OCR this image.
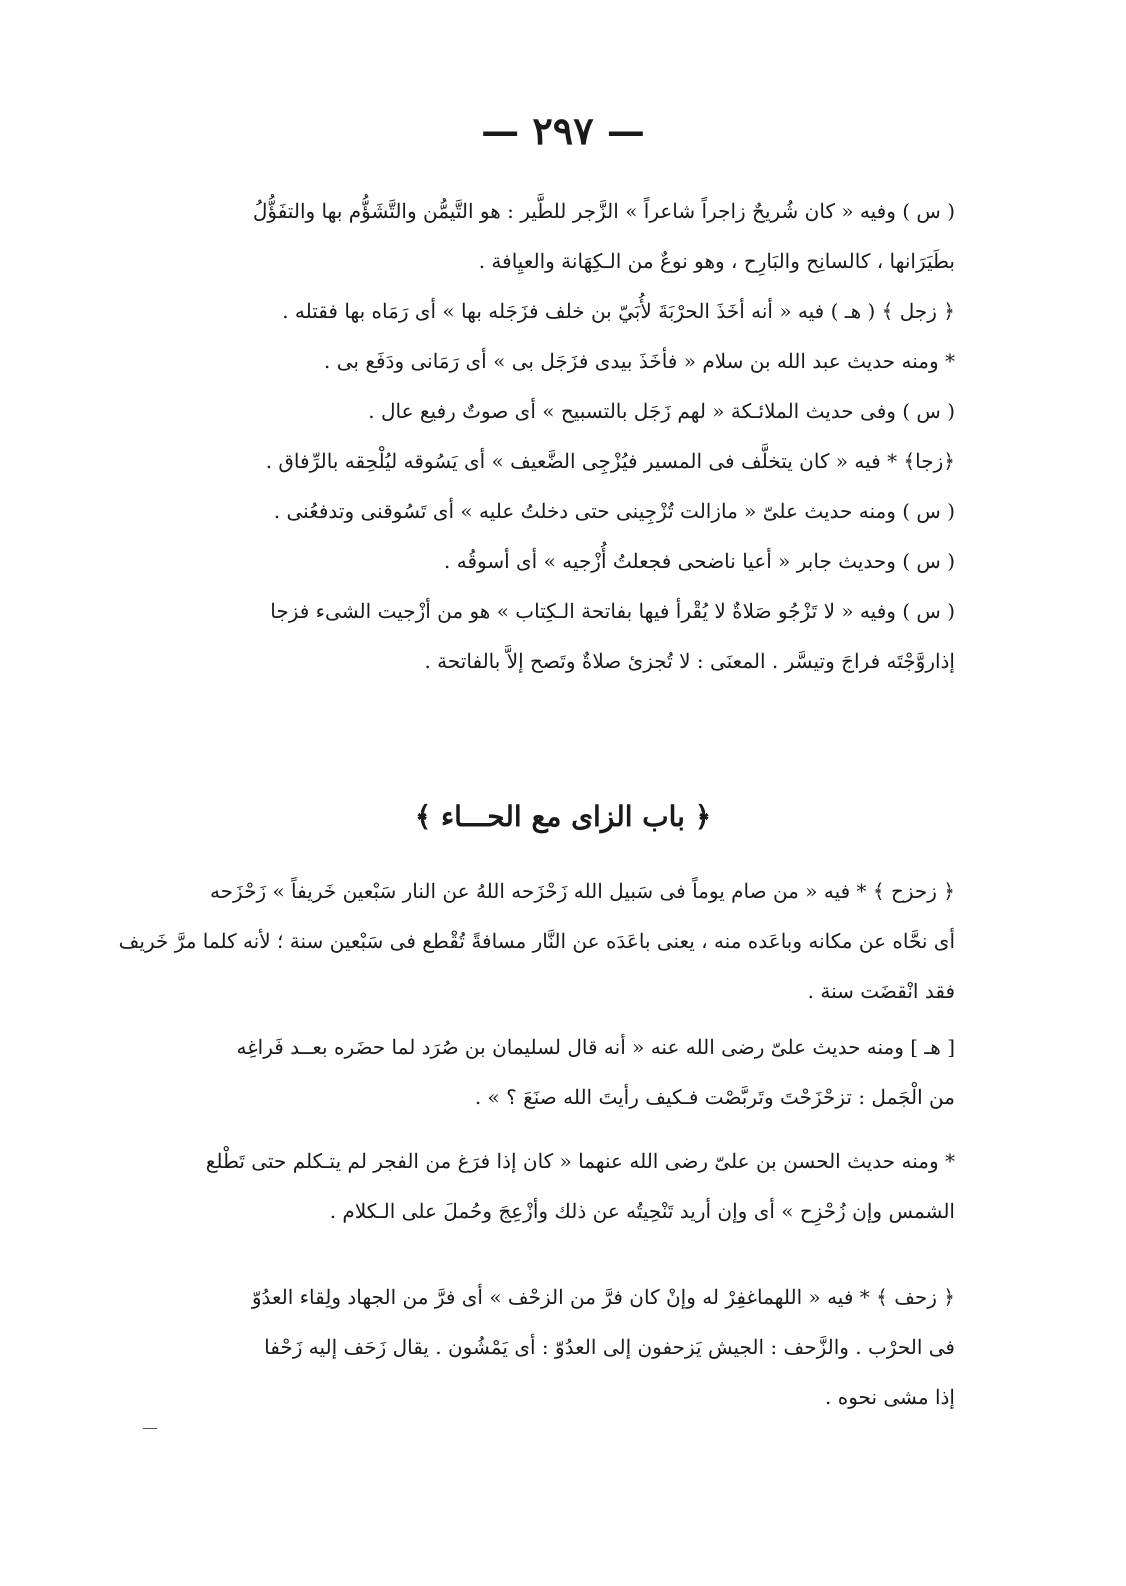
— ٢٩٧ —
( س ) وفيه « كان شُريحٌ زاجراً شاعراً » الزَّجر للطَّير : هو التَّيمُّن والتَّشَؤُّم بها والتفَؤُّلُ
بطَيَرَانها ، كالسانِح والبَارِح ، وهو نوعٌ من الـكِهَانة والعيِافة .
﴿ زجل ﴾ ( هـ ) فيه « أنه أخَذَ الحرْبَةَ لأُبَيّ بن خلف فزَجَله بها » أى رَمَاه بها فقتله .
* ومنه حديث عبد الله بن سلام « فأخَذَ بيدى فزَجَل بى » أى رَمَانى ودَفَع بى .
( س ) وفى حديث الملائـكة « لهم زَجَل بالتسبيح » أى صوتٌ رفيع عال .
﴿زجا﴾ * فيه « كان يتخلَّف فى المسير فيُزْجِى الضَّعيف » أى يَسُوقه ليُلْحِقه بالرِّفاق .
( س ) ومنه حديث علىّ « مازالت تُزْجِينى حتى دخلتُ عليه » أى تَسُوقنى وتدفعُنى .
( س ) وحديث جابر « أعيا ناضحى فجعلتُ أُزْجيه » أى أسوقُه .
( س ) وفيه « لا تَزْجُو صَلاةٌ لا يُقْرأ فيها بفاتحة الـكِتاب » هو من أزْجيت الشىء فزجا
إذاروَّجْتَه فراجَ وتيسَّر . المعنَى : لا تُجزئ صلاةٌ وتَصح إلاَّ بالفاتحة .
﴿ باب الزاى مع الحـــاء ﴾
﴿ زحزح ﴾ * فيه « من صام يوماً فى سَبيل الله زَحْزَحه اللهُ عن النار سَبْعين خَريفاً » زَحْزَحه
أى نحَّاه عن مكانه وباعَده منه ، يعنى باعَدَه عن النَّار مسافةً تُقْطع فى سَبْعين سنة ؛ لأنه كلما مرَّ خَريف
فقد انْقضَت سنة .
[ هـ ] ومنه حديث علىّ رضى الله عنه « أنه قال لسليمان بن صُرَد لما حضَره بعــد فَراغِه
من الْجَمل : تزحْزَحْتَ وتَربَّصْت فـكيف رأيتَ الله صنَعَ ؟ » .
* ومنه حديث الحسن بن علىّ رضى الله عنهما « كان إذا فرَغ من الفجر لم يتـكلم حتى تَطْلع
الشمس وإن زُحْزِح » أى وإن أريد تَنْحِيتُه عن ذلك وأزْعِجَ وحُملَ على الـكلام .
﴿ زحف ﴾ * فيه « اللهماغفِرْ له وإنْ كان فرَّ من الزحْف » أى فرَّ من الجهاد ولِقاء العدُوّ
فى الحرْب . والزَّحف : الجيش يَزحفون إلى العدُوّ : أى يَمْشُون . يقال زَحَف إليه زَحْفا
إذا مشى نحوه .
